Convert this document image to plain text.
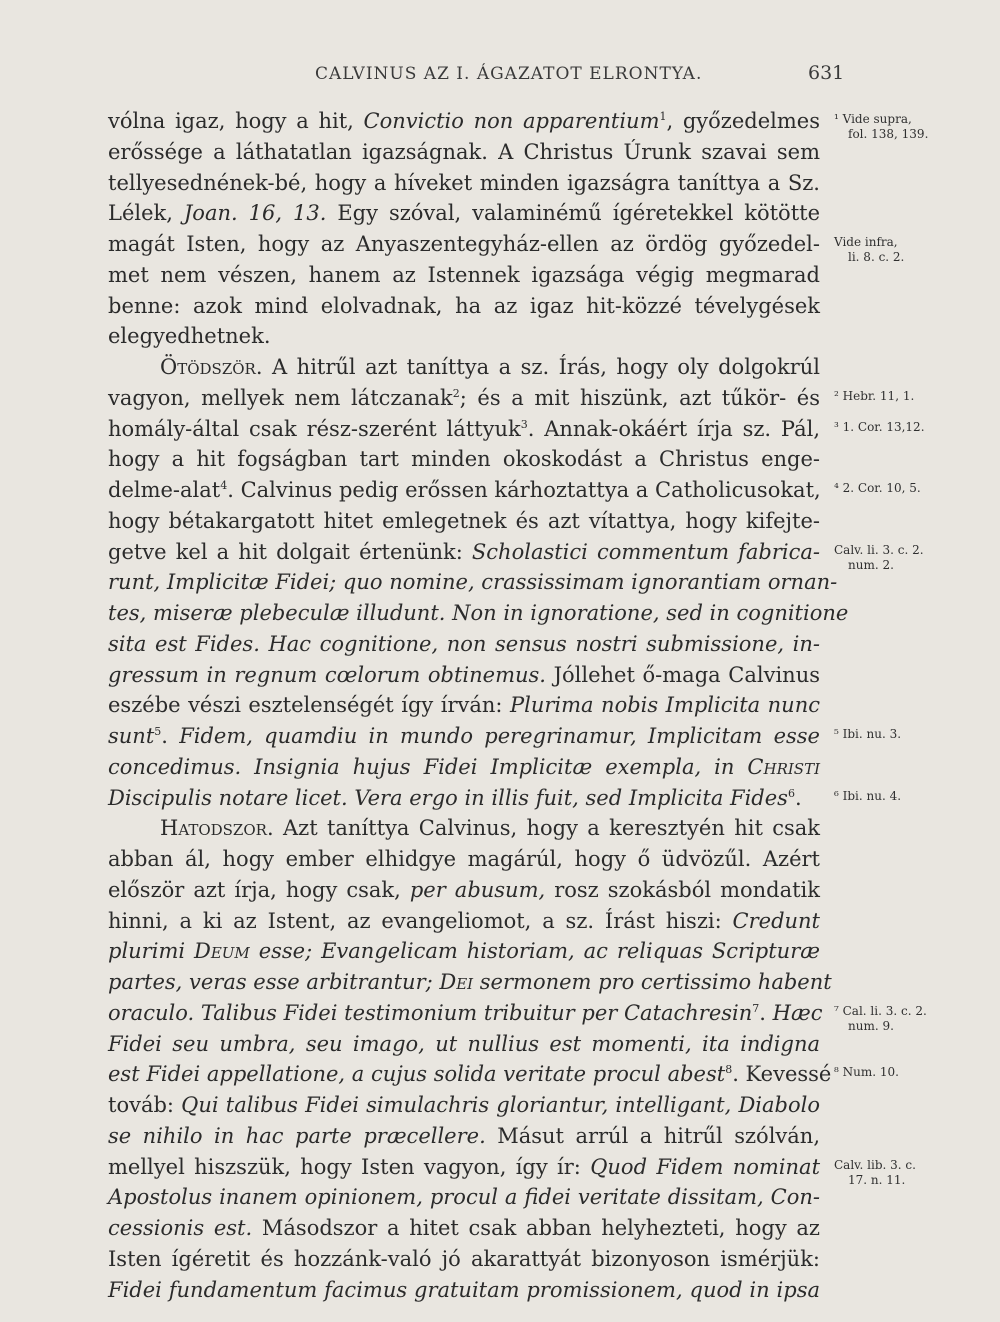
CALVINUS AZ I. ÁGAZATOT ELRONTYA.	631
vólna igaz, hogy a hit, Convictio non apparentium$^1$, győzedelmes
erőssége a láthatatlan igazságnak. A Christus Úrunk szavai sem
tellyesednének-bé, hogy a híveket minden igazságra taníttya a Sz.
Lélek, Joan. 16, 13. Egy szóval, valaminémű ígéretekkel kötötte
magát Isten, hogy az Anyaszentegyház-ellen az ördög győzedel-
met nem vészen, hanem az Istennek igazsága végig megmarad
benne: azok mind elolvadnak, ha az igaz hit-közzé tévelygések
elegyedhetnek.
Ötödször. A hitrűl azt taníttya a sz. Írás, hogy oly dolgokrúl
vagyon, mellyek nem látczanak$^2$; és a mit hiszünk, azt tűkör- és
homály-által csak rész-szerént láttyuk$^3$. Annak-okáért írja sz. Pál,
hogy a hit fogságban tart minden okoskodást a Christus enge-
delme-alat$^4$. Calvinus pedig erőssen kárhoztattya a Catholicusokat,
hogy bétakargatott hitet emlegetnek és azt vítattya, hogy kifejte-
getve kel a hit dolgait értenünk: Scholastici commentum fabrica-
runt, Implicitæ Fidei; quo nomine, crassissimam ignorantiam ornan-
tes, miseræ plebeculæ illudunt. Non in ignoratione, sed in cognitione
sita est Fides. Hac cognitione, non sensus nostri submissione, in-
gressum in regnum cœlorum obtinemus. Jóllehet ő-maga Calvinus
eszébe vészi esztelenségét így írván: Plurima nobis Implicita nunc
sunt$^5$. Fidem, quamdiu in mundo peregrinamur, Implicitam esse
concedimus. Insignia hujus Fidei Implicitæ exempla, in Christi
Discipulis notare licet. Vera ergo in illis fuit, sed Implicita Fides$^6$.
Hatodszor. Azt taníttya Calvinus, hogy a keresztyén hit csak
abban ál, hogy ember elhidgye magárúl, hogy ő üdvözűl. Azért
először azt írja, hogy csak, per abusum, rosz szokásból mondatik
hinni, a ki az Istent, az evangeliomot, a sz. Írást hiszi: Credunt
plurimi Deum esse; Evangelicam historiam, ac reliquas Scripturæ
partes, veras esse arbitrantur; Dei sermonem pro certissimo habent
oraculo. Talibus Fidei testimonium tribuitur per Catachresin$^7$. Hæc
Fidei seu umbra, seu imago, ut nullius est momenti, ita indigna
est Fidei appellatione, a cujus solida veritate procul abest$^8$. Kevessé
továb: Qui talibus Fidei simulachris gloriantur, intelligant, Diabolo
se nihilo in hac parte præcellere. Másut arrúl a hitrűl szólván,
mellyel hiszszük, hogy Isten vagyon, így ír: Quod Fidem nominat
Apostolus inanem opinionem, procul a fidei veritate dissitam, Con-
cessionis est. Másodszor a hitet csak abban helyhezteti, hogy az
Isten ígéretit és hozzánk-való jó akarattyát bizonyoson ismérjük:
Fidei fundamentum facimus gratuitam promissionem, quod in ipsa
¹ Vide supra,
fol. 138, 139.
Vide infra,
li. 8. c. 2.
² Hebr. 11, 1.
³ 1. Cor. 13,12.
⁴ 2. Cor. 10, 5.
Calv. li. 3. c. 2.
num. 2.
⁵ Ibi. nu. 3.
⁶ Ibi. nu. 4.
⁷ Cal. li. 3. c. 2.
num. 9.
⁸ Num. 10.
Calv. lib. 3. c.
17. n. 11.
